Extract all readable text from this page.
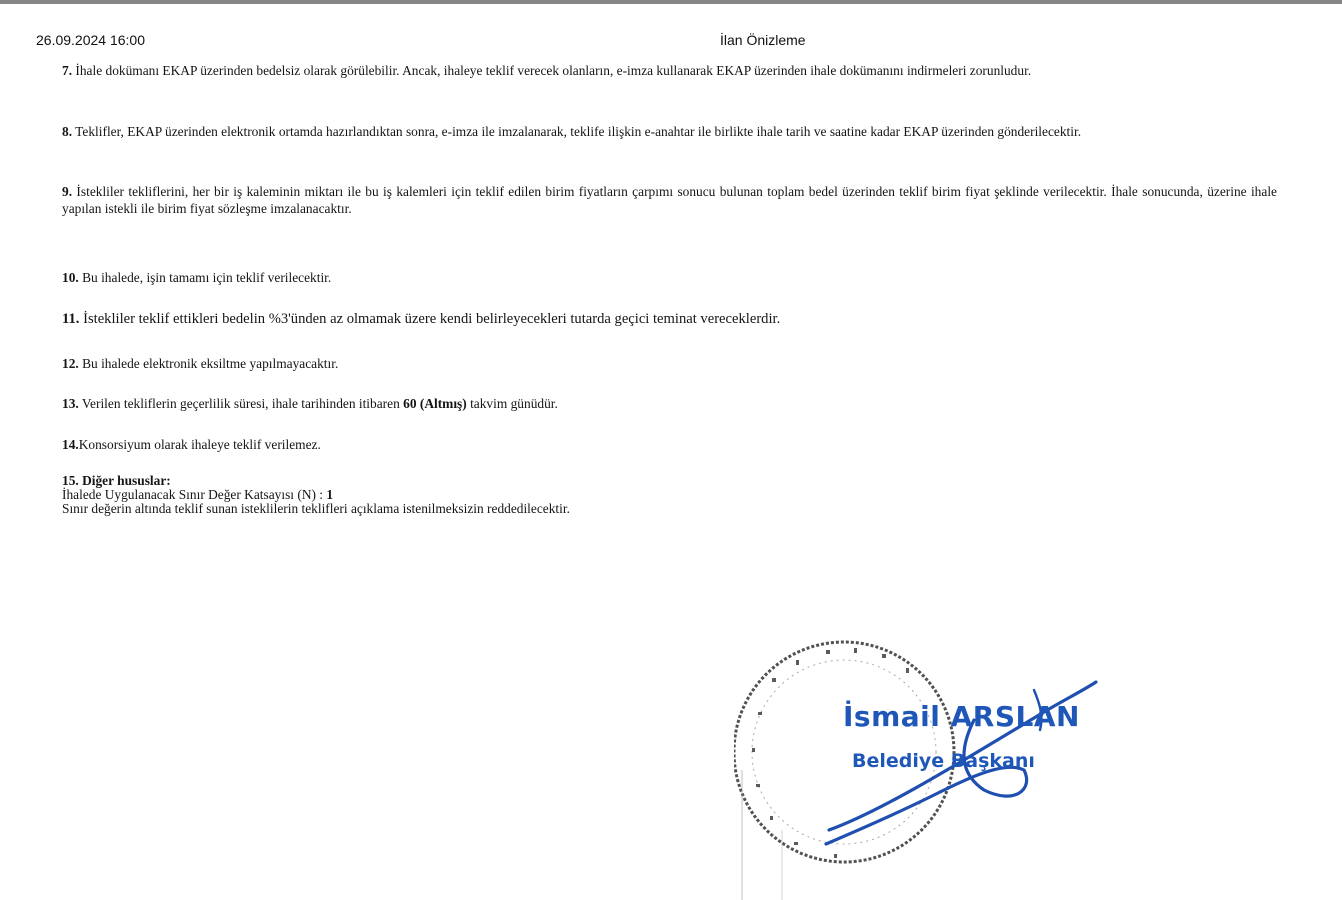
26.09.2024 16:00	İlan Önizleme

7. İhale dokümanı EKAP üzerinden bedelsiz olarak görülebilir. Ancak, ihaleye teklif verecek olanların, e-imza kullanarak EKAP üzerinden ihale dokümanını indirmeleri zorunludur.

8. Teklifler, EKAP üzerinden elektronik ortamda hazırlandıktan sonra, e-imza ile imzalanarak, teklife ilişkin e-anahtar ile birlikte ihale tarih ve saatine kadar EKAP üzerinden gönderilecektir.

9. İstekliler tekliflerini, her bir iş kaleminin miktarı ile bu iş kalemleri için teklif edilen birim fiyatların çarpımı sonucu bulunan toplam bedel üzerinden teklif birim fiyat şeklinde verilecektir. İhale sonucunda, üzerine ihale yapılan istekli ile birim fiyat sözleşme imzalanacaktır.

10. Bu ihalede, işin tamamı için teklif verilecektir.

11. İstekliler teklif ettikleri bedelin %3'ünden az olmamak üzere kendi belirleyecekleri tutarda geçici teminat vereceklerdir.

12. Bu ihalede elektronik eksiltme yapılmayacaktır.

13. Verilen tekliflerin geçerlilik süresi, ihale tarihinden itibaren 60 (Altmış) takvim günüdür.

14.Konsorsiyum olarak ihaleye teklif verilemez.

15. Diğer hususlar:
İhalede Uygulanacak Sınır Değer Katsayısı (N) : 1
Sınır değerin altında teklif sunan isteklilerin teklifleri açıklama istenilmeksizin reddedilecektir.
İsmail ARSLAN
Belediye Başkanı
